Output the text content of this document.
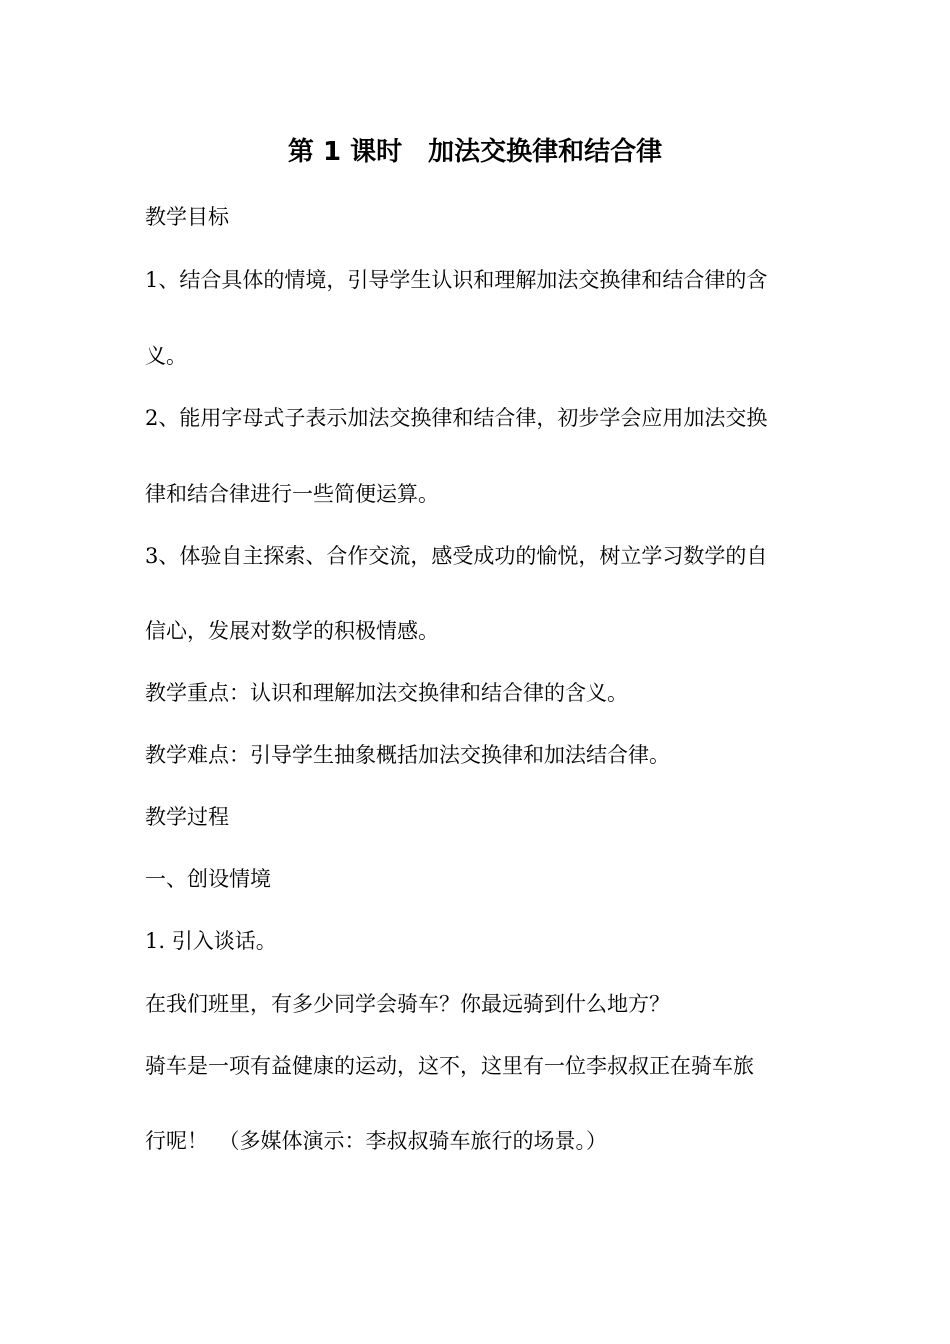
第 1 课时　加法交换律和结合律
教学目标
1、结合具体的情境，引导学生认识和理解加法交换律和结合律的含
义。
2、能用字母式子表示加法交换律和结合律，初步学会应用加法交换
律和结合律进行一些简便运算。
3、体验自主探索、合作交流，感受成功的愉悦，树立学习数学的自
信心，发展对数学的积极情感。
教学重点：认识和理解加法交换律和结合律的含义。
教学难点：引导学生抽象概括加法交换律和加法结合律。
教学过程
一、创设情境
1. 引入谈话。
在我们班里，有多少同学会骑车？你最远骑到什么地方？
骑车是一项有益健康的运动，这不，这里有一位李叔叔正在骑车旅
行呢！　（多媒体演示：李叔叔骑车旅行的场景。）
